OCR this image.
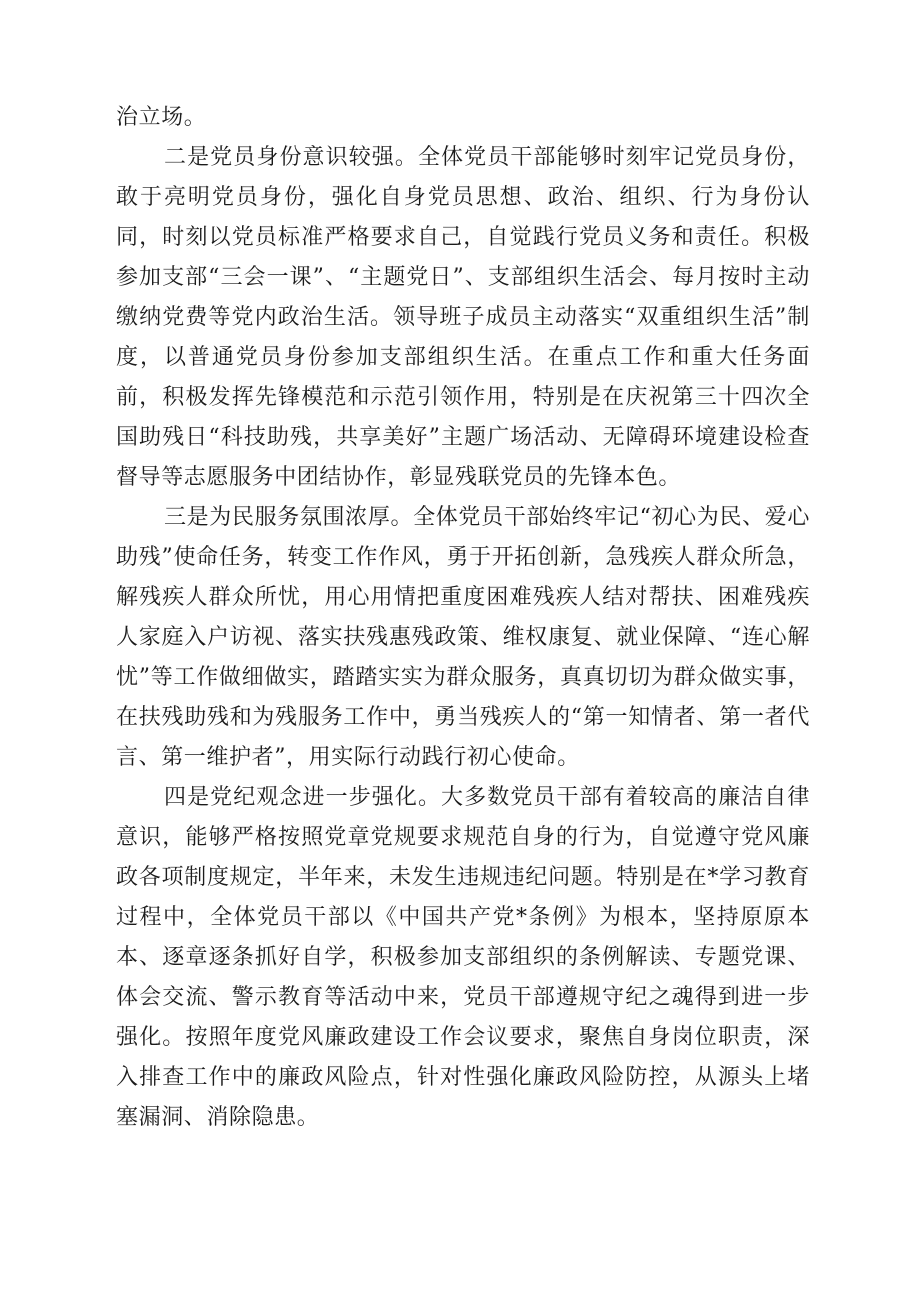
治立场。

二是党员身份意识较强。全体党员干部能够时刻牢记党员身份，敢于亮明党员身份，强化自身党员思想、政治、组织、行为身份认同，时刻以党员标准严格要求自己，自觉践行党员义务和责任。积极参加支部“三会一课”、“主题党日”、支部组织生活会、每月按时主动缴纳党费等党内政治生活。领导班子成员主动落实“双重组织生活”制度，以普通党员身份参加支部组织生活。在重点工作和重大任务面前，积极发挥先锋模范和示范引领作用，特别是在庆祝第三十四次全国助残日“科技助残，共享美好”主题广场活动、无障碍环境建设检查督导等志愿服务中团结协作，彰显残联党员的先锋本色。

三是为民服务氛围浓厚。全体党员干部始终牢记“初心为民、爱心助残”使命任务，转变工作作风，勇于开拓创新，急残疾人群众所急，解残疾人群众所忧，用心用情把重度困难残疾人结对帮扶、困难残疾人家庭入户访视、落实扶残惠残政策、维权康复、就业保障、“连心解忧”等工作做细做实，踏踏实实为群众服务，真真切切为群众做实事，在扶残助残和为残服务工作中，勇当残疾人的“第一知情者、第一者代言、第一维护者”，用实际行动践行初心使命。

四是党纪观念进一步强化。大多数党员干部有着较高的廉洁自律意识，能够严格按照党章党规要求规范自身的行为，自觉遵守党风廉政各项制度规定，半年来，未发生违规违纪问题。特别是在*学习教育过程中，全体党员干部以《中国共产党*条例》为根本，坚持原原本本、逐章逐条抓好自学，积极参加支部组织的条例解读、专题党课、体会交流、警示教育等活动中来，党员干部遵规守纪之魂得到进一步强化。按照年度党风廉政建设工作会议要求，聚焦自身岗位职责，深入排查工作中的廉政风险点，针对性强化廉政风险防控，从源头上堵塞漏洞、消除隐患。
